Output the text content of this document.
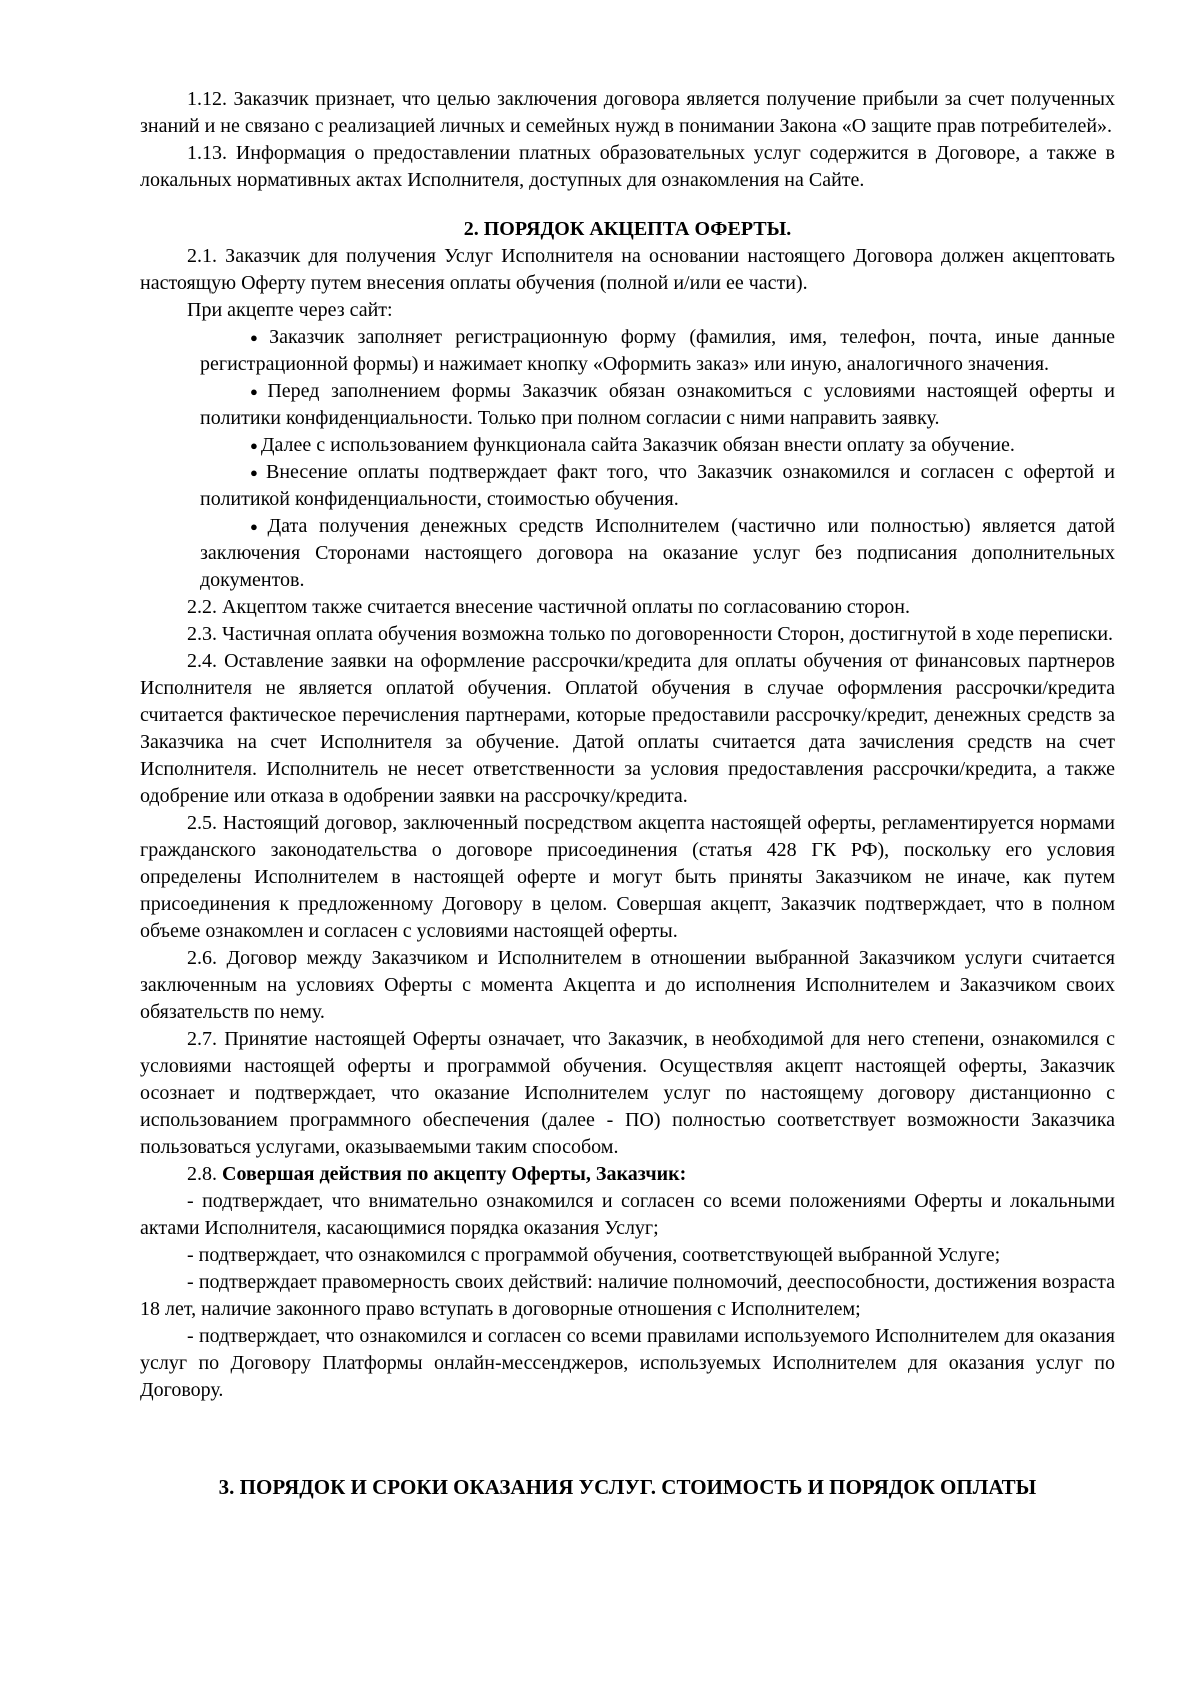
1.12. Заказчик признает, что целью заключения договора является получение прибыли за счет полученных знаний и не связано с реализацией личных и семейных нужд в понимании Закона «О защите прав потребителей».

1.13. Информация о предоставлении платных образовательных услуг содержится в Договоре, а также в локальных нормативных актах Исполнителя, доступных для ознакомления на Сайте.

2. ПОРЯДОК АКЦЕПТА ОФЕРТЫ.

2.1. Заказчик для получения Услуг Исполнителя на основании настоящего Договора должен акцептовать настоящую Оферту путем внесения оплаты обучения (полной и/или ее части).

При акцепте через сайт:

● Заказчик заполняет регистрационную форму (фамилия, имя, телефон, почта, иные данные регистрационной формы) и нажимает кнопку «Оформить заказ» или иную, аналогичного значения.

● Перед заполнением формы Заказчик обязан ознакомиться с условиями настоящей оферты и политики конфиденциальности. Только при полном согласии с ними направить заявку.

● Далее с использованием функционала сайта Заказчик обязан внести оплату за обучение.

● Внесение оплаты подтверждает факт того, что Заказчик ознакомился и согласен с офертой и политикой конфиденциальности, стоимостью обучения.

● Дата получения денежных средств Исполнителем (частично или полностью) является датой заключения Сторонами настоящего договора на оказание услуг без подписания дополнительных документов.

2.2. Акцептом также считается внесение частичной оплаты по согласованию сторон.

2.3. Частичная оплата обучения возможна только по договоренности Сторон, достигнутой в ходе переписки.

2.4. Оставление заявки на оформление рассрочки/кредита для оплаты обучения от финансовых партнеров Исполнителя не является оплатой обучения. Оплатой обучения в случае оформления рассрочки/кредита считается фактическое перечисления партнерами, которые предоставили рассрочку/кредит, денежных средств за Заказчика на счет Исполнителя за обучение. Датой оплаты считается дата зачисления средств на счет Исполнителя. Исполнитель не несет ответственности за условия предоставления рассрочки/кредита, а также одобрение или отказа в одобрении заявки на рассрочку/кредита.

2.5. Настоящий договор, заключенный посредством акцепта настоящей оферты, регламентируется нормами гражданского законодательства о договоре присоединения (статья 428 ГК РФ), поскольку его условия определены Исполнителем в настоящей оферте и могут быть приняты Заказчиком не иначе, как путем присоединения к предложенному Договору в целом. Совершая акцепт, Заказчик подтверждает, что в полном объеме ознакомлен и согласен с условиями настоящей оферты.

2.6. Договор между Заказчиком и Исполнителем в отношении выбранной Заказчиком услуги считается заключенным на условиях Оферты с момента Акцепта и до исполнения Исполнителем и Заказчиком своих обязательств по нему.

2.7. Принятие настоящей Оферты означает, что Заказчик, в необходимой для него степени, ознакомился с условиями настоящей оферты и программой обучения. Осуществляя акцепт настоящей оферты, Заказчик осознает и подтверждает, что оказание Исполнителем услуг по настоящему договору дистанционно с использованием программного обеспечения (далее - ПО) полностью соответствует возможности Заказчика пользоваться услугами, оказываемыми таким способом.

2.8. Совершая действия по акцепту Оферты, Заказчик:

- подтверждает, что внимательно ознакомился и согласен со всеми положениями Оферты и локальными актами Исполнителя, касающимися порядка оказания Услуг;

- подтверждает, что ознакомился с программой обучения, соответствующей выбранной Услуге;

- подтверждает правомерность своих действий: наличие полномочий, дееспособности, достижения возраста 18 лет, наличие законного право вступать в договорные отношения с Исполнителем;

- подтверждает, что ознакомился и согласен со всеми правилами используемого Исполнителем для оказания услуг по Договору Платформы онлайн-мессенджеров, используемых Исполнителем для оказания услуг по Договору.

3. ПОРЯДОК И СРОКИ ОКАЗАНИЯ УСЛУГ. СТОИМОСТЬ И ПОРЯДОК ОПЛАТЫ
